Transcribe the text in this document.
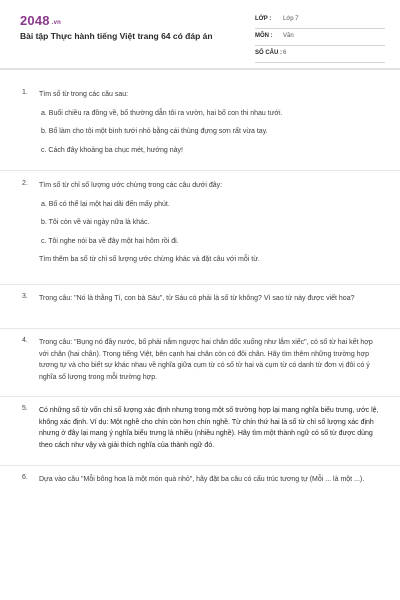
2048 .vn
Bài tập Thực hành tiếng Việt trang 64 có đáp án
LỚP : Lớp 7
MÔN : Văn
SỐ CÂU : 6
1. Tìm số từ trong các câu sau:

a. Buổi chiều ra đồng về, bố thường dẫn tôi ra vườn, hai bố con thi nhau tưới.

b. Bố làm cho tôi một bình tưới nhỏ bằng cái thùng đựng sơn rất vừa tay.

c. Cách đây khoảng ba chục mét, hướng này!

2. Tìm số từ chỉ số lượng ước chừng trong các câu dưới đây:

a. Bố có thể lại một hai dãi đến mấy phút.

b. Tôi còn về vài ngày nữa là khác.

c. Tôi nghe nói ba về đây một hai hôm rồi đi.

Tìm thêm ba số từ chỉ số lượng ước chừng khác và đặt câu với mỗi từ.

3. Trong câu: "Nó là thằng Tí, con bà Sáu", từ Sáu có phải là số từ không? Vì sao từ này được viết hoa?

4. Trong câu: "Bụng nó đầy nước, bố phải nắm ngược hai chân dốc xuống như lắm xiếc", có số từ hai kết hợp với chân (hai chân). Trong tiếng Việt, bên cạnh hai chân còn có đôi chân. Hãy tìm thêm những trường hợp tương tự và cho biết sự khác nhau về nghĩa giữa cụm từ có số từ hai và cụm từ có danh từ đơn vị đôi có ý nghĩa số lượng trong mỗi trường hợp.

5. Có những số từ vốn chỉ số lượng xác định nhưng trong một số trường hợp lại mang nghĩa biểu trưng, ước lệ, không xác định. Ví dụ: Một nghề cho chín còn hơn chín nghề. Từ chín thứ hai là số từ chỉ số lượng xác định nhưng ở đây lại mang ý nghĩa biểu trưng là nhiều (nhiều nghề). Hãy tìm một thành ngữ có số từ được dùng theo cách như vậy và giải thích nghĩa của thành ngữ đó.

6. Dựa vào câu "Mỗi bông hoa là một món quà nhỏ", hãy đặt ba câu có cấu trúc tương tự (Mỗi ... là một ...).
